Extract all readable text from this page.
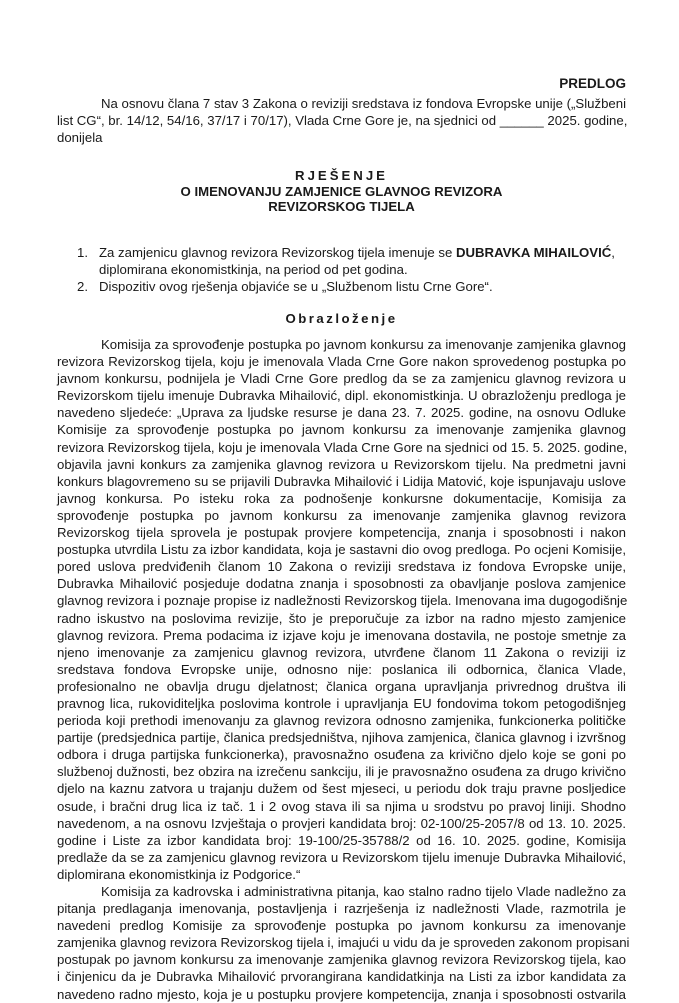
PREDLOG
Na osnovu člana 7 stav 3 Zakona o reviziji sredstava iz fondova Evropske unije („Službeni
list CG“, br. 14/12, 54/16, 37/17 i 70/17), Vlada Crne Gore je, na sjednici od ______ 2025. godine,
donijela
RJEŠENJE
O IMENOVANJU ZAMJENICE GLAVNOG REVIZORA
REVIZORSKOG TIJELA
1. Za zamjenicu glavnog revizora Revizorskog tijela imenuje se DUBRAVKA MIHAILOVIĆ,
diplomirana ekonomistkinja, na period od pet godina.
2. Dispozitiv ovog rješenja objaviće se u „Službenom listu Crne Gore“.
Obrazloženje
Komisija za sprovođenje postupka po javnom konkursu za imenovanje zamjenika glavnog
revizora Revizorskog tijela, koju je imenovala Vlada Crne Gore nakon sprovedenog postupka po
javnom konkursu, podnijela je Vladi Crne Gore predlog da se za zamjenicu glavnog revizora u
Revizorskom tijelu imenuje Dubravka Mihailović, dipl. ekonomistkinja. U obrazloženju predloga je
navedeno sljedeće: „Uprava za ljudske resurse je dana 23. 7. 2025. godine, na osnovu Odluke
Komisije za sprovođenje postupka po javnom konkursu za imenovanje zamjenika glavnog
revizora Revizorskog tijela, koju je imenovala Vlada Crne Gore na sjednici od 15. 5. 2025. godine,
objavila javni konkurs za zamjenika glavnog revizora u Revizorskom tijelu. Na predmetni javni
konkurs blagovremeno su se prijavili Dubravka Mihailović i Lidija Matović, koje ispunjavaju uslove
javnog konkursa. Po isteku roka za podnošenje konkursne dokumentacije, Komisija za
sprovođenje postupka po javnom konkursu za imenovanje zamjenika glavnog revizora
Revizorskog tijela sprovela je postupak provjere kompetencija, znanja i sposobnosti i nakon
postupka utvrdila Listu za izbor kandidata, koja je sastavni dio ovog predloga. Po ocjeni Komisije,
pored uslova predviđenih članom 10 Zakona o reviziji sredstava iz fondova Evropske unije,
Dubravka Mihailović posjeduje dodatna znanja i sposobnosti za obavljanje poslova zamjenice
glavnog revizora i poznaje propise iz nadležnosti Revizorskog tijela. Imenovana ima dugogodišnje
radno iskustvo na poslovima revizije, što je preporučuje za izbor na radno mjesto zamjenice
glavnog revizora. Prema podacima iz izjave koju je imenovana dostavila, ne postoje smetnje za
njeno imenovanje za zamjenicu glavnog revizora, utvrđene članom 11 Zakona o reviziji iz
sredstava fondova Evropske unije, odnosno nije: poslanica ili odbornica, članica Vlade,
profesionalno ne obavlja drugu djelatnost; članica organa upravljanja privrednog društva ili
pravnog lica, rukoviditeljka poslovima kontrole i upravljanja EU fondovima tokom petogodišnjeg
perioda koji prethodi imenovanju za glavnog revizora odnosno zamjenika, funkcionerka političke
partije (predsjednica partije, članica predsjedništva, njihova zamjenica, članica glavnog i izvršnog
odbora i druga partijska funkcionerka), pravosnažno osuđena za krivično djelo koje se goni po
službenoj dužnosti, bez obzira na izrečenu sankciju, ili je pravosnažno osuđena za drugo krivično
djelo na kaznu zatvora u trajanju dužem od šest mjeseci, u periodu dok traju pravne posljedice
osude, i bračni drug lica iz tač. 1 i 2 ovog stava ili sa njima u srodstvu po pravoj liniji. Shodno
navedenom, a na osnovu Izvještaja o provjeri kandidata broj: 02-100/25-2057/8 od 13. 10. 2025.
godine i Liste za izbor kandidata broj: 19-100/25-35788/2 od 16. 10. 2025. godine, Komisija
predlaže da se za zamjenicu glavnog revizora u Revizorskom tijelu imenuje Dubravka Mihailović,
diplomirana ekonomistkinja iz Podgorice.“
Komisija za kadrovska i administrativna pitanja, kao stalno radno tijelo Vlade nadležno za
pitanja predlaganja imenovanja, postavljenja i razrješenja iz nadležnosti Vlade, razmotrila je
navedeni predlog Komisije za sprovođenje postupka po javnom konkursu za imenovanje
zamjenika glavnog revizora Revizorskog tijela i, imajući u vidu da je sproveden zakonom propisani
postupak po javnom konkursu za imenovanje zamjenika glavnog revizora Revizorskog tijela, kao
i činjenicu da je Dubravka Mihailović prvorangirana kandidatkinja na Listi za izbor kandidata za
navedeno radno mjesto, koja je u postupku provjere kompetencija, znanja i sposobnosti ostvarila
